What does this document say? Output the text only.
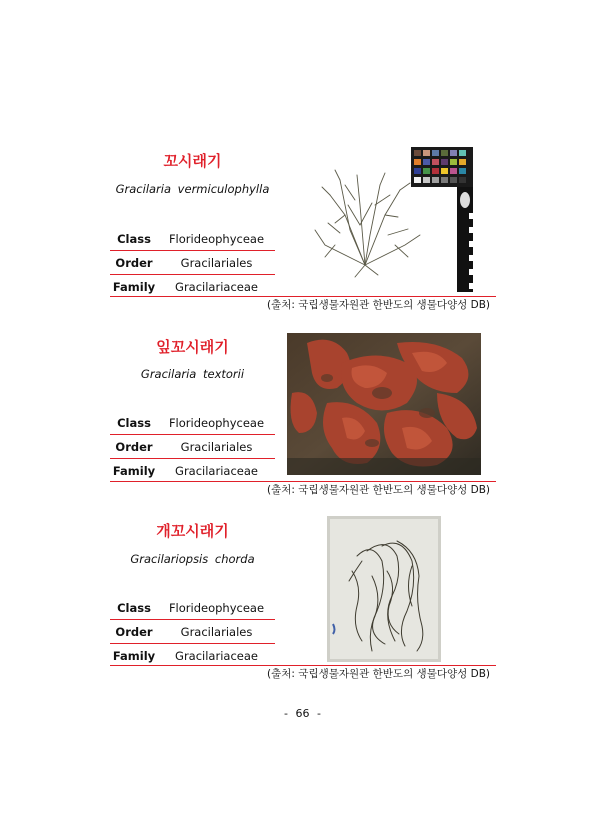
꼬시래기
Gracilaria vermiculophylla
Class	Florideophyceae
Order	Gracilariales
Family	Gracilariaceae
(출처: 국립생물자원관 한반도의 생물다양성 DB)
잎꼬시래기
Gracilaria textorii
Class	Florideophyceae
Order	Gracilariales
Family	Gracilariaceae
(출처: 국립생물자원관 한반도의 생물다양성 DB)
개꼬시래기
Gracilariopsis chorda
Class	Florideophyceae
Order	Gracilariales
Family	Gracilariaceae
(출처: 국립생물자원관 한반도의 생물다양성 DB)
- 66 -
